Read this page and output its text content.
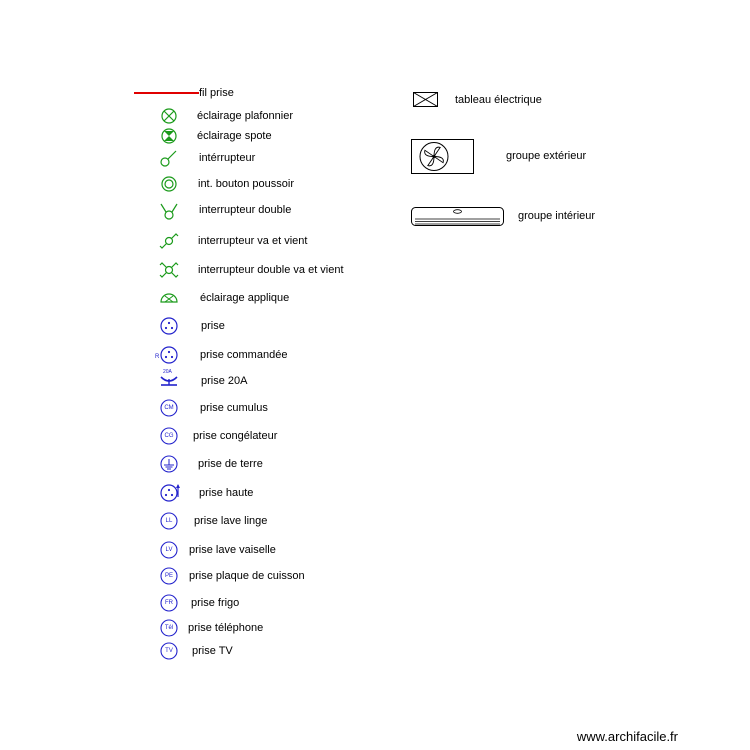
fil prise
éclairage plafonnier
éclairage spote
intérrupteur
int. bouton poussoir
interrupteur double
interrupteur va et vient
interrupteur double va et vient
éclairage applique
prise
R	prise commandée
20A
prise 20A
CM	prise cumulus
CG	prise congélateur
prise de terre
prise haute
LL	prise lave linge
LV	prise lave vaiselle
PE	prise plaque de cuisson
FR	prise frigo
Tél	prise téléphone
TV	prise TV
tableau électrique
groupe extérieur
groupe intérieur
www.archifacile.fr
